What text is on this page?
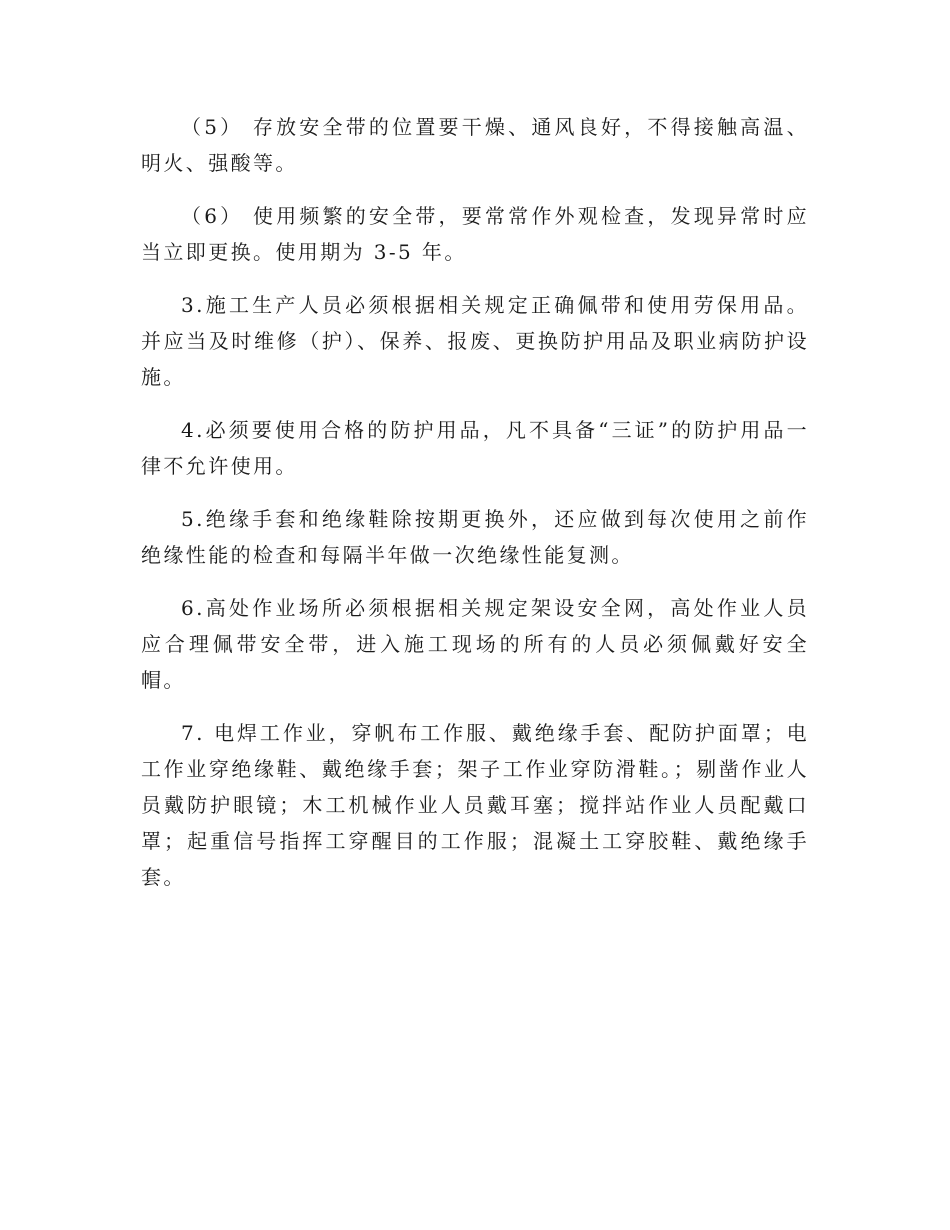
（5） 存放安全带的位置要干燥、通风良好，不得接触高温、明火、强酸等。

（6） 使用频繁的安全带，要常常作外观检查，发现异常时应当立即更换。使用期为 3-5 年。

3.施工生产人员必须根据相关规定正确佩带和使用劳保用品。并应当及时维修（护）、保养、报废、更换防护用品及职业病防护设施。

4.必须要使用合格的防护用品，凡不具备“三证”的防护用品一律不允许使用。

5.绝缘手套和绝缘鞋除按期更换外，还应做到每次使用之前作绝缘性能的检查和每隔半年做一次绝缘性能复测。

6.高处作业场所必须根据相关规定架设安全网，高处作业人员应合理佩带安全带，进入施工现场的所有的人员必须佩戴好安全帽。

7. 电焊工作业，穿帆布工作服、戴绝缘手套、配防护面罩；电工作业穿绝缘鞋、戴绝缘手套；架子工作业穿防滑鞋。；剔凿作业人员戴防护眼镜；木工机械作业人员戴耳塞；搅拌站作业人员配戴口罩；起重信号指挥工穿醒目的工作服；混凝土工穿胶鞋、戴绝缘手套。
